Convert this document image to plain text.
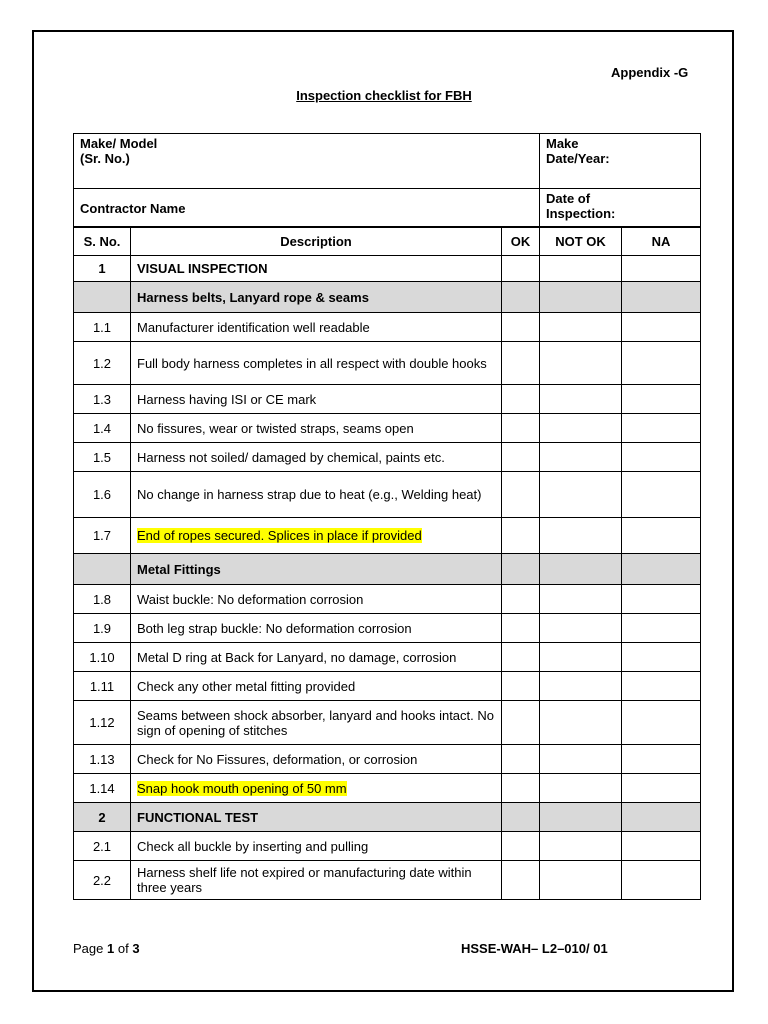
Appendix -G
Inspection checklist for FBH
Make/ Model (Sr. No.)	Make Date/Year:

Contractor Name	Date of Inspection:
S. No.	Description	OK	NOT OK	NA
1	VISUAL INSPECTION			
	Harness belts, Lanyard rope & seams			
1.1	Manufacturer identification well readable			
1.2	Full body harness completes in all respect with double hooks			
1.3	Harness having ISI or CE mark			
1.4	No fissures, wear or twisted straps, seams open			
1.5	Harness not soiled/ damaged by chemical, paints etc.			
1.6	No change in harness strap due to heat (e.g., Welding heat)			
1.7	End of ropes secured. Splices in place if provided			
	Metal Fittings			
1.8	Waist buckle: No deformation corrosion			
1.9	Both leg strap buckle: No deformation corrosion			
1.10	Metal D ring at Back for Lanyard, no damage, corrosion			
1.11	Check any other metal fitting provided			
1.12	Seams between shock absorber, lanyard and hooks intact. No sign of opening of stitches			
1.13	Check for No Fissures, deformation, or corrosion			
1.14	Snap hook mouth opening of 50 mm			
2	FUNCTIONAL TEST			
2.1	Check all buckle by inserting and pulling			
2.2	Harness shelf life not expired or manufacturing date within three years			
Page 1 of 3	HSSE-WAH– L2–010/ 01
